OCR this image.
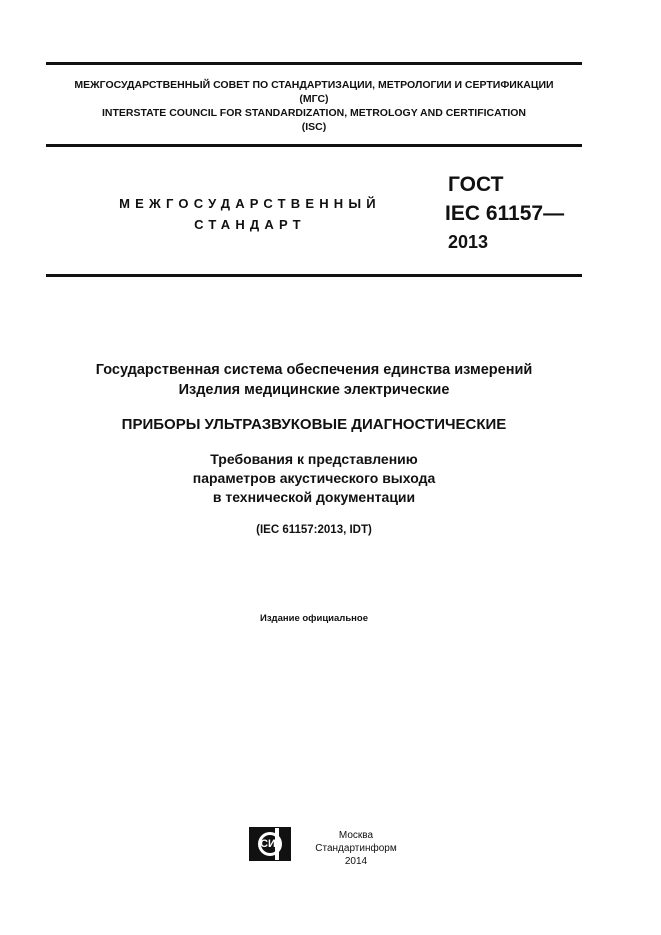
МЕЖГОСУДАРСТВЕННЫЙ СОВЕТ ПО СТАНДАРТИЗАЦИИ, МЕТРОЛОГИИ И СЕРТИФИКАЦИИ
(МГС)
INTERSTATE COUNCIL FOR STANDARDIZATION, METROLOGY AND CERTIFICATION
(ISC)
МЕЖГОСУДАРСТВЕННЫЙ
СТАНДАРТ
ГОСТ
IEC 61157—
2013
Государственная система обеспечения единства измерений
Изделия медицинские электрические
ПРИБОРЫ УЛЬТРАЗВУКОВЫЕ ДИАГНОСТИЧЕСКИЕ
Требования к представлению
параметров акустического выхода
в технической документации
(IEC 61157:2013, IDT)
Издание официальное
СИ
Москва
Стандартинформ
2014
